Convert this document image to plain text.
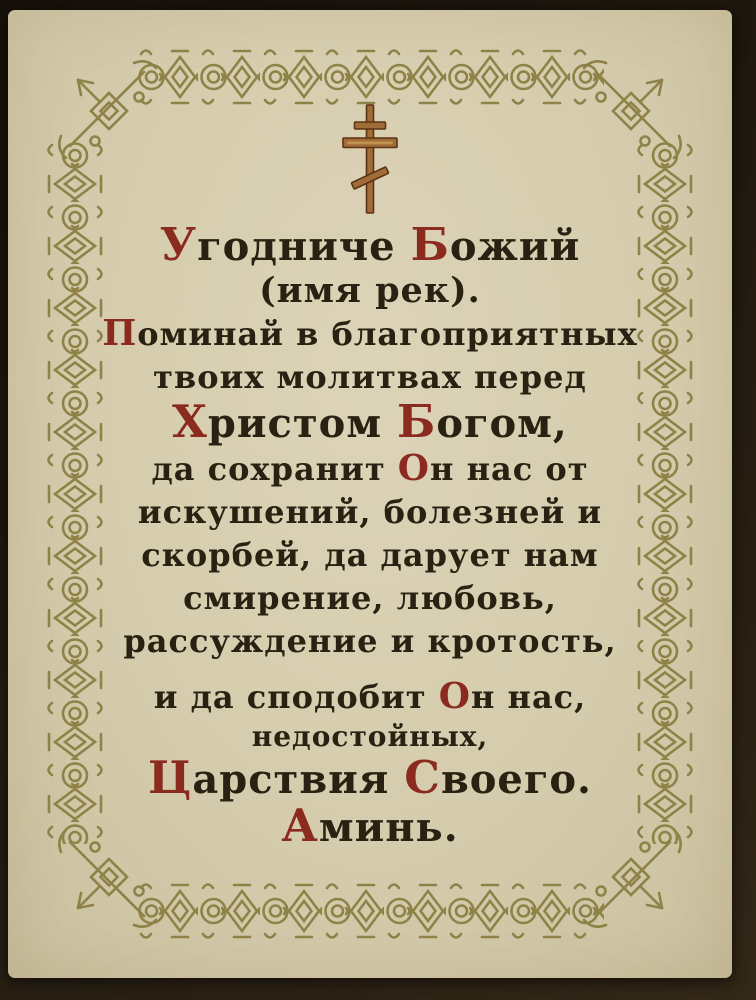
Угодниче Божий
(имя рек).
Поминай в благоприятных
твоих молитвах перед
Христом Богом,
да сохранит Он нас от
искушений, болезней и
скорбей, да дарует нам
смирение, любовь,
рассуждение и кротость,
и да сподобит Он нас,
недостойных,
Царствия Своего.
Аминь.
